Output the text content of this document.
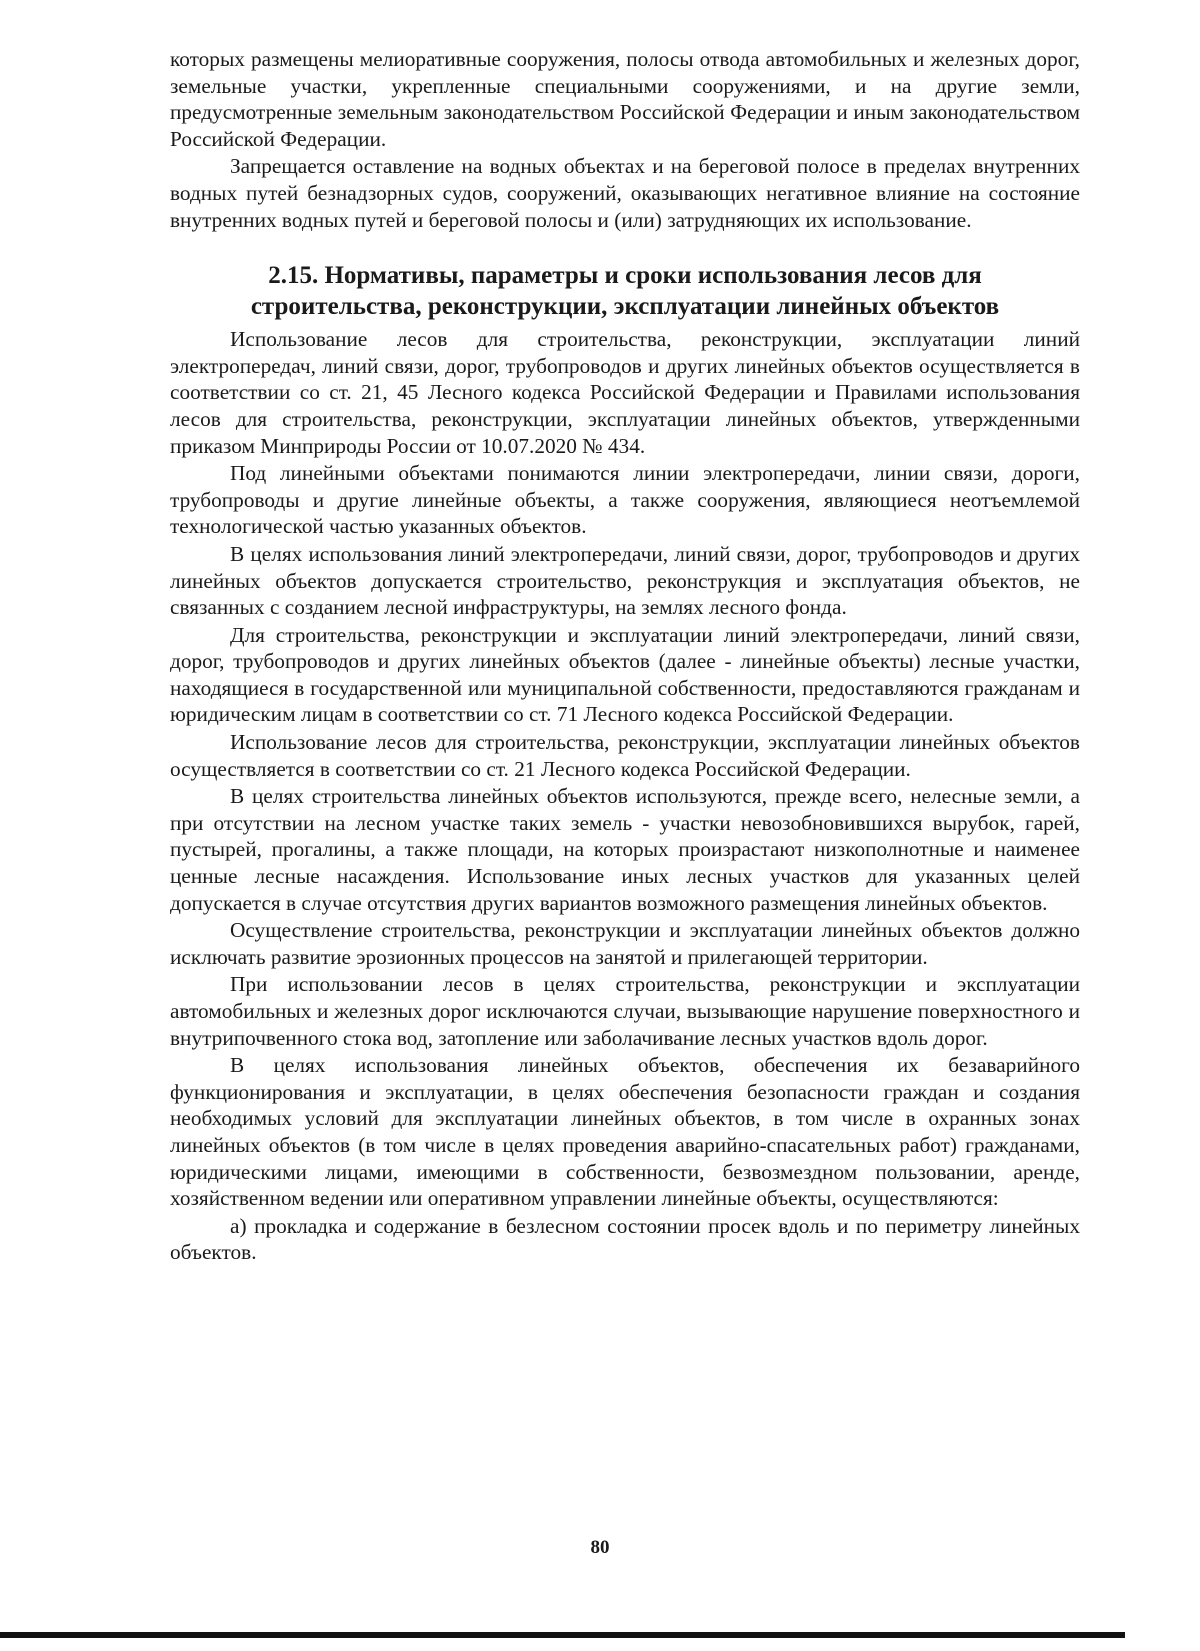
которых размещены мелиоративные сооружения, полосы отвода автомобильных и железных дорог, земельные участки, укрепленные специальными сооружениями, и на другие земли, предусмотренные земельным законодательством Российской Федерации и иным законодательством Российской Федерации.

Запрещается оставление на водных объектах и на береговой полосе в пределах внутренних водных путей безнадзорных судов, сооружений, оказывающих негативное влияние на состояние внутренних водных путей и береговой полосы и (или) затрудняющих их использование.

2.15. Нормативы, параметры и сроки использования лесов для
строительства, реконструкции, эксплуатации линейных объектов

Использование лесов для строительства, реконструкции, эксплуатации линий электропередач, линий связи, дорог, трубопроводов и других линейных объектов осуществляется в соответствии со ст. 21, 45 Лесного кодекса Российской Федерации и Правилами использования лесов для строительства, реконструкции, эксплуатации линейных объектов, утвержденными приказом Минприроды России от 10.07.2020 № 434.

Под линейными объектами понимаются линии электропередачи, линии связи, дороги, трубопроводы и другие линейные объекты, а также сооружения, являющиеся неотъемлемой технологической частью указанных объектов.

В целях использования линий электропередачи, линий связи, дорог, трубопроводов и других линейных объектов допускается строительство, реконструкция и эксплуатация объектов, не связанных с созданием лесной инфраструктуры, на землях лесного фонда.

Для строительства, реконструкции и эксплуатации линий электропередачи, линий связи, дорог, трубопроводов и других линейных объектов (далее - линейные объекты) лесные участки, находящиеся в государственной или муниципальной собственности, предоставляются гражданам и юридическим лицам в соответствии со ст. 71 Лесного кодекса Российской Федерации.

Использование лесов для строительства, реконструкции, эксплуатации линейных объектов осуществляется в соответствии со ст. 21 Лесного кодекса Российской Федерации.

В целях строительства линейных объектов используются, прежде всего, нелесные земли, а при отсутствии на лесном участке таких земель - участки невозобновившихся вырубок, гарей, пустырей, прогалины, а также площади, на которых произрастают низкополнотные и наименее ценные лесные насаждения. Использование иных лесных участков для указанных целей допускается в случае отсутствия других вариантов возможного размещения линейных объектов.

Осуществление строительства, реконструкции и эксплуатации линейных объектов должно исключать развитие эрозионных процессов на занятой и прилегающей территории.

При использовании лесов в целях строительства, реконструкции и эксплуатации автомобильных и железных дорог исключаются случаи, вызывающие нарушение поверхностного и внутрипочвенного стока вод, затопление или заболачивание лесных участков вдоль дорог.

В целях использования линейных объектов, обеспечения их безаварийного функционирования и эксплуатации, в целях обеспечения безопасности граждан и создания необходимых условий для эксплуатации линейных объектов, в том числе в охранных зонах линейных объектов (в том числе в целях проведения аварийно-спасательных работ) гражданами, юридическими лицами, имеющими в собственности, безвозмездном пользовании, аренде, хозяйственном ведении или оперативном управлении линейные объекты, осуществляются:

а) прокладка и содержание в безлесном состоянии просек вдоль и по периметру линейных объектов.

80
